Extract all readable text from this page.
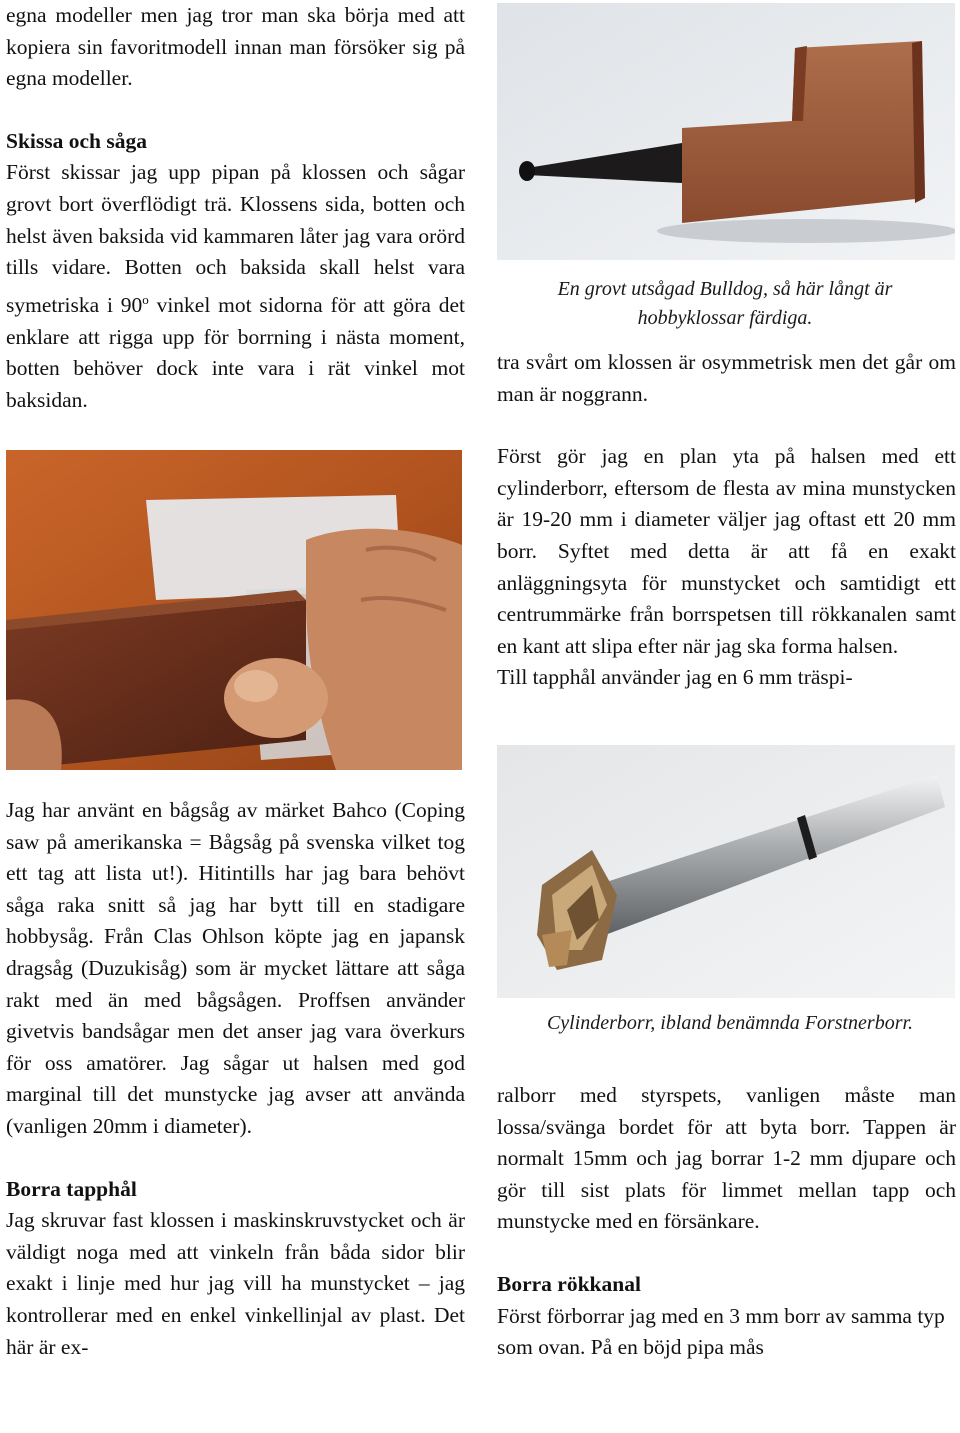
egna modeller men jag tror man ska börja med att kopiera sin favoritmodell innan man försöker sig på egna modeller.

Skissa och såga

Först skissar jag upp pipan på klossen och sågar grovt bort överflödigt trä. Klossens sida, botten och helst även baksida vid kammaren låter jag vara orörd tills vidare. Botten och baksida skall helst vara symetriska i 90$^o$ vinkel mot sidorna för att göra det enklare att rigga upp för borrning i nästa moment, botten behöver dock inte vara i rät vinkel mot baksidan.

Jag har använt en bågsåg av märket Bahco (Coping saw på amerikanska = Bågsåg på svenska vilket tog ett tag att lista ut!). Hitintills har jag bara behövt såga raka snitt så jag har bytt till en stadigare hobbysåg. Från Clas Ohlson köpte jag en japansk dragsåg (Duzukisåg) som är mycket lättare att såga rakt med än med bågsågen. Proffsen använder givetvis bandsågar men det anser jag vara överkurs för oss amatörer. Jag sågar ut halsen med god marginal till det munstycke jag avser att använda (vanligen 20mm i diameter).

Borra tapphål

Jag skruvar fast klossen i maskinskruvstycket och är väldigt noga med att vinkeln från båda sidor blir exakt i linje med hur jag vill ha munstycket – jag kontrollerar med en enkel vinkellinjal av plast. Det här är ex-

En grovt utsågad Bulldog, så här långt är hobbyklossar färdiga.

tra svårt om klossen är osymmetrisk men det går om man är noggrann.

Först gör jag en plan yta på halsen med ett cylinderborr, eftersom de flesta av mina munstycken är 19-20 mm i diameter väljer jag oftast ett 20 mm borr. Syftet med detta är att få en exakt anläggningsyta för munstycket och samtidigt ett centrummärke från borrspetsen till rökkanalen samt en kant att slipa efter när jag ska forma halsen.

Till tapphål använder jag en 6 mm träspi-

Cylinderborr, ibland benämnda Forstnerborr.

ralborr med styrspets, vanligen måste man lossa/svänga bordet för att byta borr. Tappen är normalt 15mm och jag borrar 1-2 mm djupare och gör till sist plats för limmet mellan tapp och munstycke med en försänkare.

Borra rökkanal

Först förborrar jag med en 3 mm borr av samma typ som ovan. På en böjd pipa mås
